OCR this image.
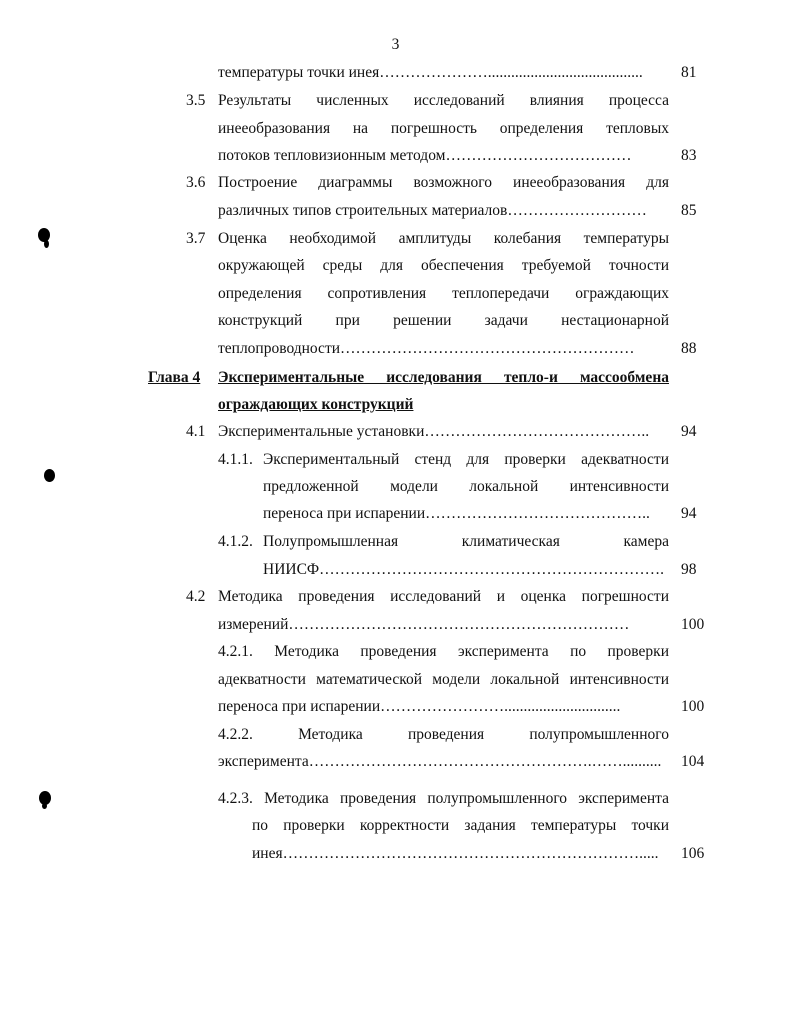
3
температуры точки инея…………………........................................	81
3.5 Результаты численных исследований влияния процесса
инееобразования на погрешность определения тепловых
потоков тепловизионным методом………………………………	83
3.6 Построение диаграммы возможного инееобразования для
различных типов строительных материалов………………………	85
3.7 Оценка необходимой амплитуды колебания температуры
окружающей среды для обеспечения требуемой точности
определения сопротивления теплопередачи ограждающих
конструкций при решении задачи нестационарной
теплопроводности…………………………………………………	88
Глава 4 Экспериментальные исследования тепло-и массообмена
ограждающих конструкций
4.1 Экспериментальные установки……………………………………..	94
4.1.1. Экспериментальный стенд для проверки адекватности
предложенной модели локальной интенсивности
переноса при испарении……………………………………..	94
4.1.2. Полупромышленная климатическая камера
НИИСФ…………………………………………………………. 98
4.2 Методика проведения исследований и оценка погрешности
измерений…………………………………………………………	100
4.2.1. Методика проведения эксперимента по проверки
адекватности математической модели локальной интенсивности
переноса при испарении……………………..............................	100
4.2.2. Методика проведения полупромышленного
эксперимента……………………………………………….……..........	104
4.2.3. Методика проведения полупромышленного эксперимента
по проверки корректности задания температуры точки
инея…………………………………………………………….....	106
